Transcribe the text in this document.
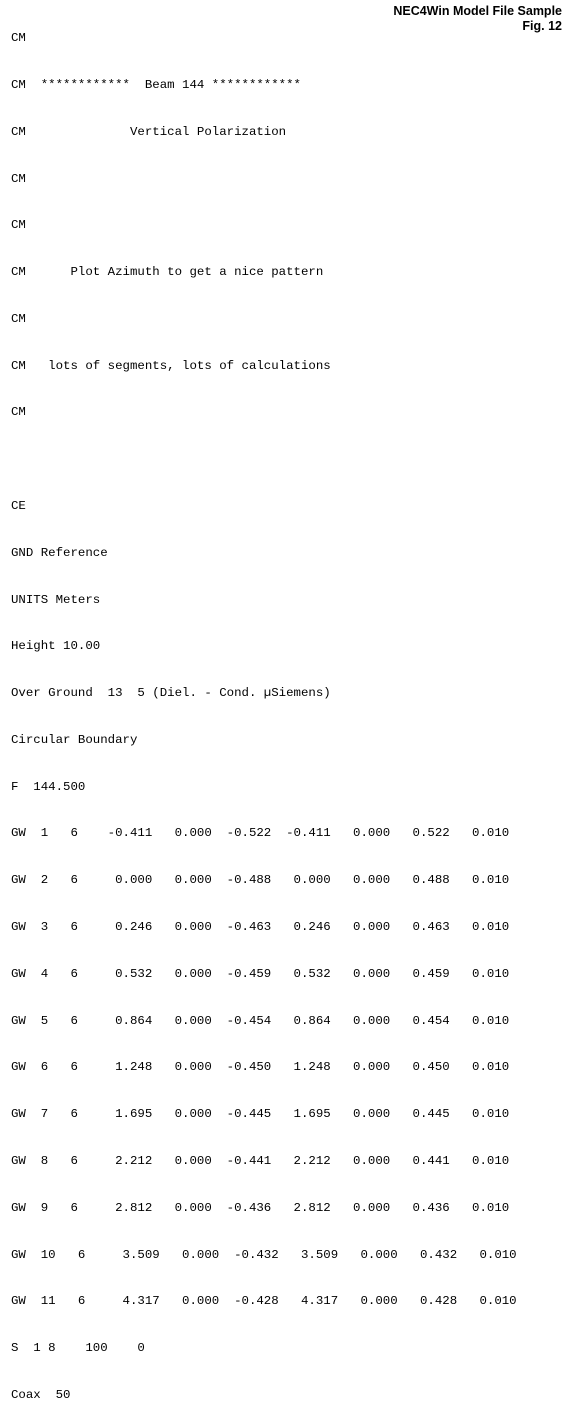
NEC4Win Model File Sample
Fig. 12

CM

CM  ************  Beam 144 ************

CM              Vertical Polarization

CM

CM

CM      Plot Azimuth to get a nice pattern

CM

CM   lots of segments, lots of calculations

CM

CE

GND Reference

UNITS Meters

Height 10.00

Over Ground  13  5 (Diel. - Cond. µSiemens)

Circular Boundary

F  144.500

GW  1   6    -0.411   0.000  -0.522  -0.411   0.000   0.522   0.010

GW  2   6     0.000   0.000  -0.488   0.000   0.000   0.488   0.010

GW  3   6     0.246   0.000  -0.463   0.246   0.000   0.463   0.010

GW  4   6     0.532   0.000  -0.459   0.532   0.000   0.459   0.010

GW  5   6     0.864   0.000  -0.454   0.864   0.000   0.454   0.010

GW  6   6     1.248   0.000  -0.450   1.248   0.000   0.450   0.010

GW  7   6     1.695   0.000  -0.445   1.695   0.000   0.445   0.010

GW  8   6     2.212   0.000  -0.441   2.212   0.000   0.441   0.010

GW  9   6     2.812   0.000  -0.436   2.812   0.000   0.436   0.010

GW  10   6     3.509   0.000  -0.432   3.509   0.000   0.432   0.010

GW  11   6     4.317   0.000  -0.428   4.317   0.000   0.428   0.010

S  1 8    100    0

Coax  50
